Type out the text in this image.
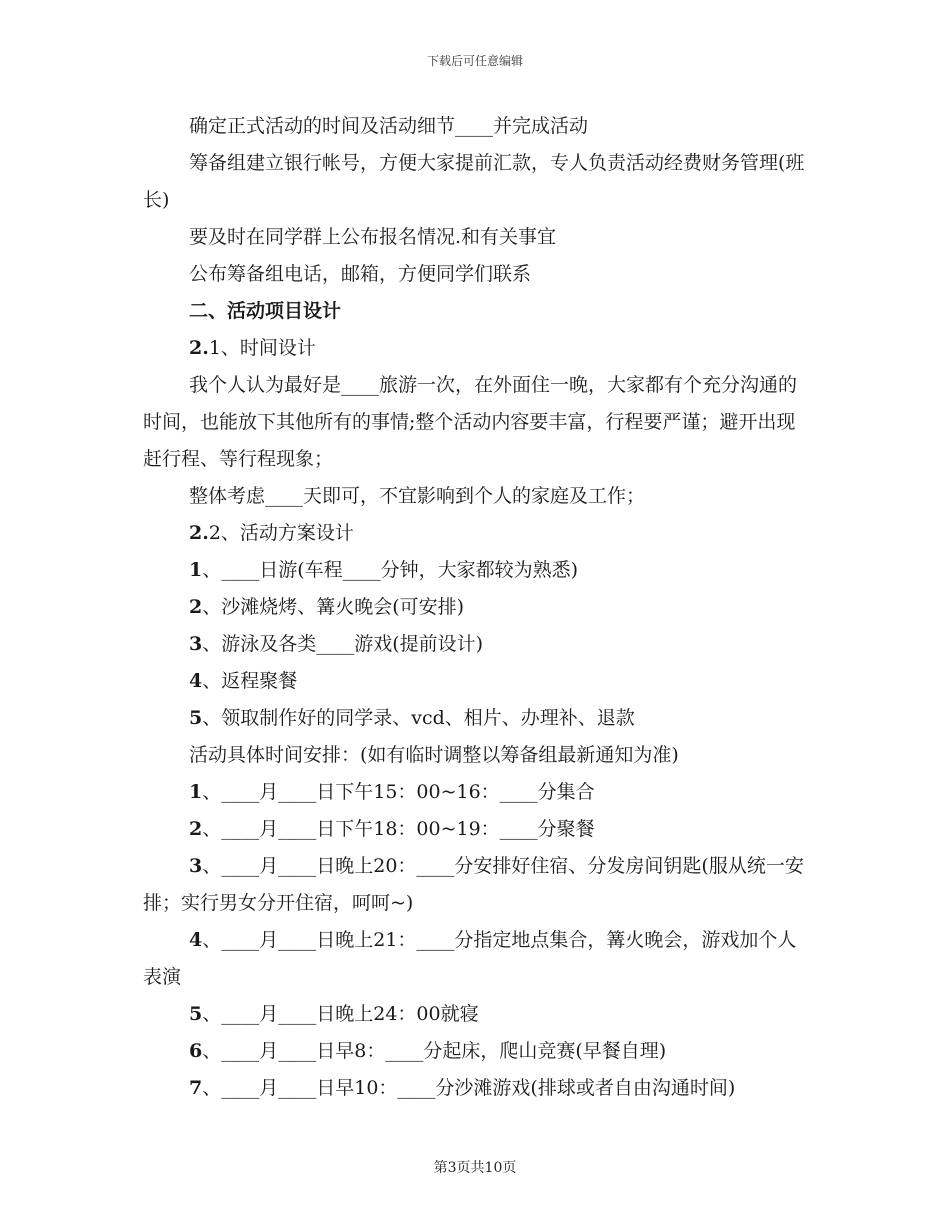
下载后可任意编辑

确定正式活动的时间及活动细节____并完成活动

筹备组建立银行帐号，方便大家提前汇款，专人负责活动经费财务管理(班长)

要及时在同学群上公布报名情况.和有关事宜

公布筹备组电话，邮箱，方便同学们联系

二、活动项目设计

2.1、时间设计

我个人认为最好是____旅游一次，在外面住一晚，大家都有个充分沟通的时间，也能放下其他所有的事情;整个活动内容要丰富，行程要严谨；避开出现赶行程、等行程现象；

整体考虑____天即可，不宜影响到个人的家庭及工作；

2.2、活动方案设计

1、____日游(车程____分钟，大家都较为熟悉)

2、沙滩烧烤、篝火晚会(可安排)

3、游泳及各类____游戏(提前设计)

4、返程聚餐

5、领取制作好的同学录、vcd、相片、办理补、退款

活动具体时间安排：(如有临时调整以筹备组最新通知为准)

1、____月____日下午15：00~16：____分集合

2、____月____日下午18：00~19：____分聚餐

3、____月____日晚上20：____分安排好住宿、分发房间钥匙(服从统一安排；实行男女分开住宿，呵呵~)

4、____月____日晚上21：____分指定地点集合，篝火晚会，游戏加个人表演

5、____月____日晚上24：00就寝

6、____月____日早8：____分起床，爬山竞赛(早餐自理)

7、____月____日早10：____分沙滩游戏(排球或者自由沟通时间)

第3页共10页
